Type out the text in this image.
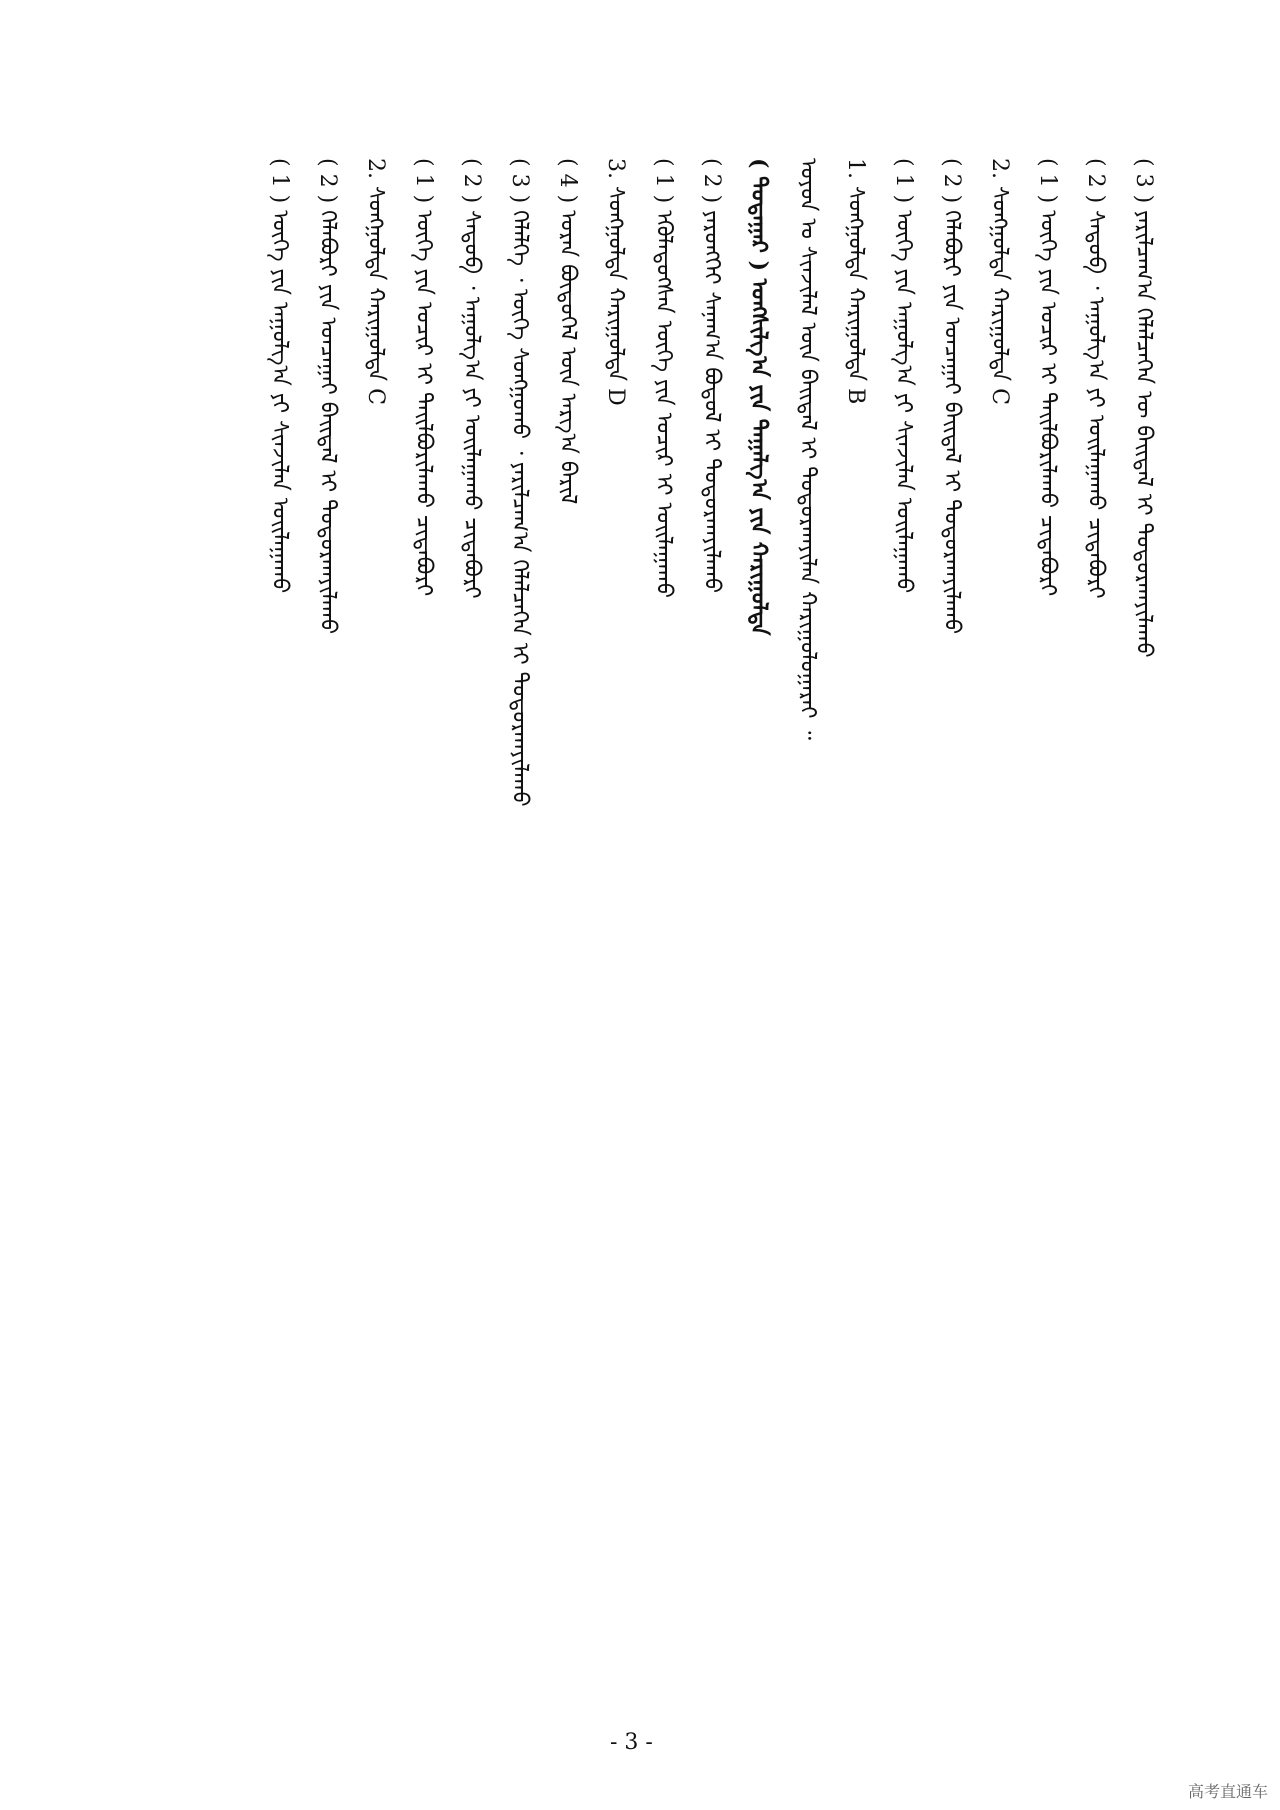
( 3 ) ᠶᠠᠷᠢᠯᠴᠠᠭ᠎ᠠ ᠬᠡᠯᠡᠯᠴᠡᠭᠡᠨ ᠦ ᠪᠠᠢᠳᠠᠯ ᠢ ᠲᠣᠳᠣᠷᠬᠠᠶᠢᠯᠠᠬᠤ
( 2 ) ᠰᠡᠳᠦᠪ ᠂ ᠠᠭᠤᠯᠭ᠎ᠠ ᠶᠢ ᠣᠢᠯᠠᠭᠠᠬᠤ ᠴᠢᠳᠠᠪᠤᠷᠢ
( 1 ) ᠦᠭᠡ ᠶᠢᠨ ᠤᠴᠢᠷ ᠢ ᠲᠠᠢᠯᠪᠤᠷᠢᠯᠠᠬᠤ ᠴᠢᠳᠠᠪᠤᠷᠢ
2. ᠰᠣᠩᠭᠣᠯᠲᠠ ᠬᠠᠷᠢᠭᠤᠯᠲᠠ C
( 2 ) ᠬᠡᠯᠡᠪᠦᠷᠢ ᠶᠢᠨ ᠤᠨᠴᠠᠭᠠᠢ ᠪᠠᠢᠳᠠᠯ ᠢ ᠲᠣᠳᠣᠷᠬᠠᠶᠢᠯᠠᠬᠤ
( 1 ) ᠦᠭᠡ ᠶᠢᠨ ᠠᠭᠤᠯᠭ᠎ᠠ ᠶᠢ ᠰᠢᠨᠵᠢᠯᠡᠨ ᠣᠢᠯᠠᠭᠠᠬᠤ
1. ᠰᠣᠩᠭᠣᠯᠲᠠ ᠬᠠᠷᠢᠭᠤᠯᠲᠠ B
ᠣᠶᠤᠨ ᠤ ᠰᠢᠨᠵᠢᠯᠡᠯ ᠦᠨ ᠪᠠᠢᠳᠠᠯ ᠢ ᠲᠣᠳᠣᠷᠬᠠᠶᠢᠯᠠᠨ ᠬᠠᠷᠢᠭᠤᠯᠤᠭᠠᠷᠠᠢ ᠃
( ᠳᠤᠲᠠᠭᠠᠷ ) ᠤᠩᠰᠢᠯᠭ᠎ᠠ ᠶᠢᠨ ᠳᠠᠭᠠᠯᠭ᠎ᠠ ᠶᠢᠨ ᠬᠠᠷᠢᠭᠤᠯᠲᠠ
( 2 ) ᠶᠡᠷᠦᠩᠬᠡᠢ ᠰᠠᠨᠠᠭ᠎ᠠ ᠪᠣᠳᠤᠯ ᠢ ᠲᠣᠳᠣᠷᠬᠠᠶᠢᠯᠠᠬᠤ
( 1 ) ᠡᠭᠦᠯᠡᠳᠦᠭᠰᠡᠨ ᠦᠭᠡ ᠶᠢᠨ ᠤᠴᠢᠷ ᠢ ᠣᠢᠯᠠᠭᠠᠬᠤ
3. ᠰᠣᠩᠭᠣᠯᠲᠠ ᠬᠠᠷᠢᠭᠤᠯᠲᠠ D
( 4 ) ᠤᠷᠠᠨ ᠪᠦᠲᠦᠭᠡᠯ ᠦᠨ ᠠᠷᠭ᠎ᠠ ᠪᠠᠷᠢᠯ
( 3 ) ᠬᠡᠯᠡᠯᠭᠡ ᠂ ᠦᠭᠡ ᠰᠣᠩᠭᠣᠬᠤ ᠂ ᠶᠠᠷᠢᠯᠴᠠᠭ᠎ᠠ ᠬᠡᠯᠡᠯᠴᠡᠭᠡᠨ ᠢ ᠲᠣᠳᠣᠷᠬᠠᠶᠢᠯᠠᠬᠤ
( 2 ) ᠰᠡᠳᠦᠪ ᠂ ᠠᠭᠤᠯᠭ᠎ᠠ ᠶᠢ ᠣᠢᠯᠠᠭᠠᠬᠤ ᠴᠢᠳᠠᠪᠤᠷᠢ
( 1 ) ᠦᠭᠡ ᠶᠢᠨ ᠤᠴᠢᠷ ᠢ ᠲᠠᠢᠯᠪᠤᠷᠢᠯᠠᠬᠤ ᠴᠢᠳᠠᠪᠤᠷᠢ
2. ᠰᠣᠩᠭᠣᠯᠲᠠ ᠬᠠᠷᠢᠭᠤᠯᠲᠠ C
( 2 ) ᠬᠡᠯᠡᠪᠦᠷᠢ ᠶᠢᠨ ᠤᠨᠴᠠᠭᠠᠢ ᠪᠠᠢᠳᠠᠯ ᠢ ᠲᠣᠳᠣᠷᠬᠠᠶᠢᠯᠠᠬᠤ
( 1 ) ᠦᠭᠡ ᠶᠢᠨ ᠠᠭᠤᠯᠭ᠎ᠠ ᠶᠢ ᠰᠢᠨᠵᠢᠯᠡᠨ ᠣᠢᠯᠠᠭᠠᠬᠤ
- 3 -
高考直通车
